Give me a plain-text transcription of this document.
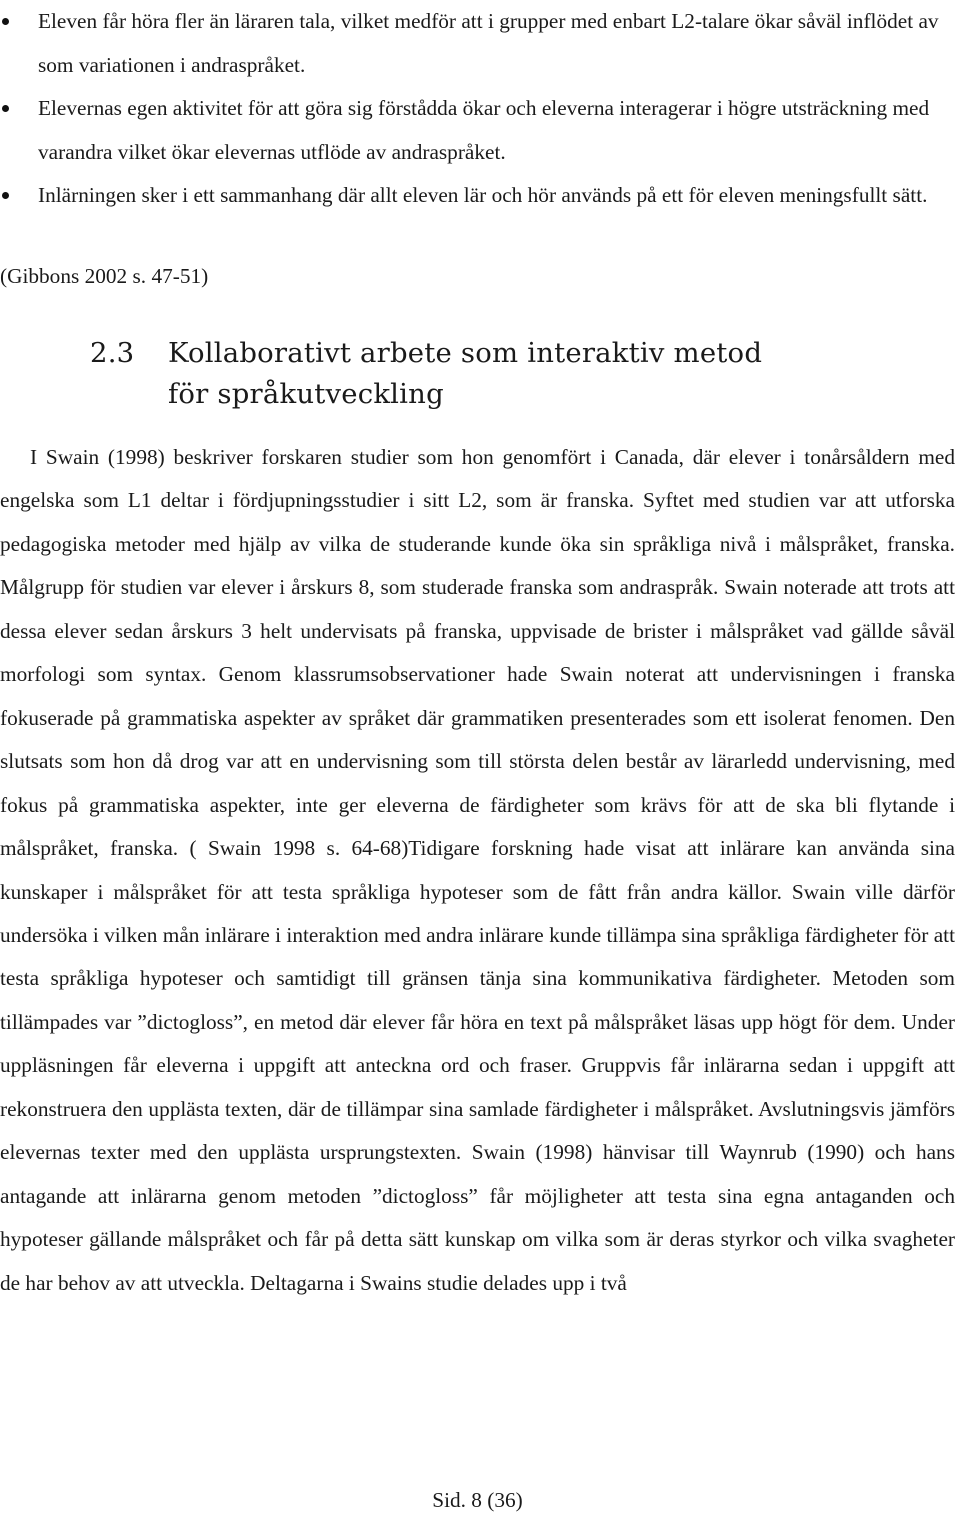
Eleven får höra fler än läraren tala, vilket medför att i grupper med enbart L2-talare ökar såväl inflödet av som variationen i andraspråket.
Elevernas egen aktivitet för att göra sig förstådda ökar och eleverna interagerar i högre utsträckning med varandra vilket ökar elevernas utflöde av andraspråket.
Inlärningen sker i ett sammanhang där allt eleven lär och hör används på ett för eleven meningsfullt sätt.
(Gibbons 2002 s. 47-51)
2.3	Kollaborativt arbete som interaktiv metod för språkutveckling

I Swain (1998) beskriver forskaren studier som hon genomfört i Canada, där elever i tonårsåldern med engelska som L1 deltar i fördjupningsstudier i sitt L2, som är franska. Syftet med studien var att utforska pedagogiska metoder med hjälp av vilka de studerande kunde öka sin språkliga nivå i målspråket, franska. Målgrupp för studien var elever i årskurs 8, som studerade franska som andraspråk. Swain noterade att trots att dessa elever sedan årskurs 3 helt undervisats på franska, uppvisade de brister i målspråket vad gällde såväl morfologi som syntax. Genom klassrumsobservationer hade Swain noterat att undervisningen i franska fokuserade på grammatiska aspekter av språket där grammatiken presenterades som ett isolerat fenomen. Den slutsats som hon då drog var att en undervisning som till största delen består av lärarledd undervisning, med fokus på grammatiska aspekter, inte ger eleverna de färdigheter som krävs för att de ska bli flytande i målspråket, franska. ( Swain 1998 s. 64-68)Tidigare forskning hade visat att inlärare kan använda sina kunskaper i målspråket för att testa språkliga hypoteser som de fått från andra källor. Swain ville därför undersöka i vilken mån inlärare i interaktion med andra inlärare kunde tillämpa sina språkliga färdigheter för att testa språkliga hypoteser och samtidigt till gränsen tänja sina kommunikativa färdigheter. Metoden som tillämpades var ”dictogloss”, en metod där elever får höra en text på målspråket läsas upp högt för dem. Under uppläsningen får eleverna i uppgift att anteckna ord och fraser. Gruppvis får inlärarna sedan i uppgift att rekonstruera den upplästa texten, där de tillämpar sina samlade färdigheter i målspråket. Avslutningsvis jämförs elevernas texter med den upplästa ursprungstexten. Swain (1998) hänvisar till Waynrub (1990) och hans antagande att inlärarna genom metoden ”dictogloss” får möjligheter att testa sina egna antaganden och hypoteser gällande målspråket och får på detta sätt kunskap om vilka som är deras styrkor och vilka svagheter de har behov av att utveckla. Deltagarna i Swains studie delades upp i två

Sid. 8 (36)
